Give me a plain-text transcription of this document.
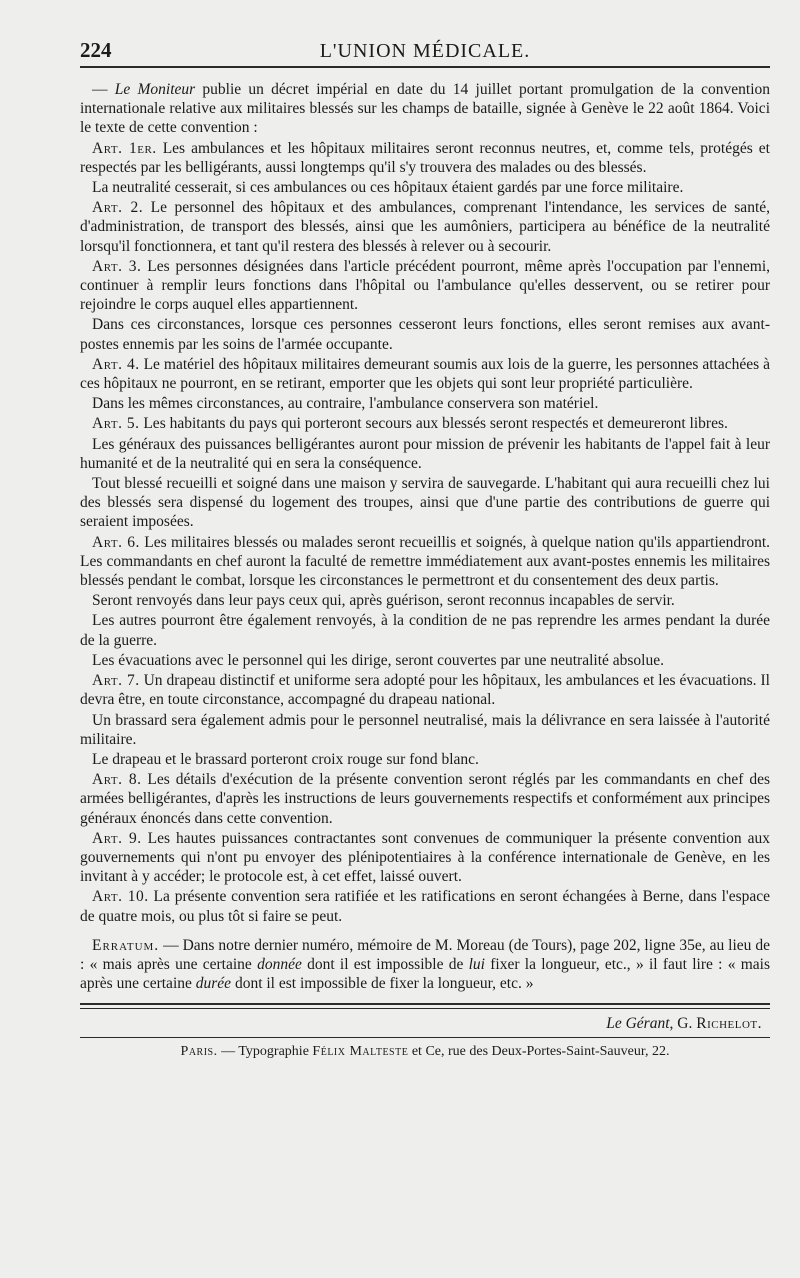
224	L'UNION MÉDICALE.

— Le Moniteur publie un décret impérial en date du 14 juillet portant promulgation de la convention internationale relative aux militaires blessés sur les champs de bataille, signée à Genève le 22 août 1864. Voici le texte de cette convention :

Art. 1er. Les ambulances et les hôpitaux militaires seront reconnus neutres, et, comme tels, protégés et respectés par les belligérants, aussi longtemps qu'il s'y trouvera des malades ou des blessés.

La neutralité cesserait, si ces ambulances ou ces hôpitaux étaient gardés par une force militaire.

Art. 2. Le personnel des hôpitaux et des ambulances, comprenant l'intendance, les services de santé, d'administration, de transport des blessés, ainsi que les aumôniers, participera au bénéfice de la neutralité lorsqu'il fonctionnera, et tant qu'il restera des blessés à relever ou à secourir.

Art. 3. Les personnes désignées dans l'article précédent pourront, même après l'occupation par l'ennemi, continuer à remplir leurs fonctions dans l'hôpital ou l'ambulance qu'elles desservent, ou se retirer pour rejoindre le corps auquel elles appartiennent.

Dans ces circonstances, lorsque ces personnes cesseront leurs fonctions, elles seront remises aux avant-postes ennemis par les soins de l'armée occupante.

Art. 4. Le matériel des hôpitaux militaires demeurant soumis aux lois de la guerre, les personnes attachées à ces hôpitaux ne pourront, en se retirant, emporter que les objets qui sont leur propriété particulière.

Dans les mêmes circonstances, au contraire, l'ambulance conservera son matériel.

Art. 5. Les habitants du pays qui porteront secours aux blessés seront respectés et demeureront libres.

Les généraux des puissances belligérantes auront pour mission de prévenir les habitants de l'appel fait à leur humanité et de la neutralité qui en sera la conséquence.

Tout blessé recueilli et soigné dans une maison y servira de sauvegarde. L'habitant qui aura recueilli chez lui des blessés sera dispensé du logement des troupes, ainsi que d'une partie des contributions de guerre qui seraient imposées.

Art. 6. Les militaires blessés ou malades seront recueillis et soignés, à quelque nation qu'ils appartiendront. Les commandants en chef auront la faculté de remettre immédiatement aux avant-postes ennemis les militaires blessés pendant le combat, lorsque les circonstances le permettront et du consentement des deux partis.

Seront renvoyés dans leur pays ceux qui, après guérison, seront reconnus incapables de servir.

Les autres pourront être également renvoyés, à la condition de ne pas reprendre les armes pendant la durée de la guerre.

Les évacuations avec le personnel qui les dirige, seront couvertes par une neutralité absolue.

Art. 7. Un drapeau distinctif et uniforme sera adopté pour les hôpitaux, les ambulances et les évacuations. Il devra être, en toute circonstance, accompagné du drapeau national.

Un brassard sera également admis pour le personnel neutralisé, mais la délivrance en sera laissée à l'autorité militaire.

Le drapeau et le brassard porteront croix rouge sur fond blanc.

Art. 8. Les détails d'exécution de la présente convention seront réglés par les commandants en chef des armées belligérantes, d'après les instructions de leurs gouvernements respectifs et conformément aux principes généraux énoncés dans cette convention.

Art. 9. Les hautes puissances contractantes sont convenues de communiquer la présente convention aux gouvernements qui n'ont pu envoyer des plénipotentiaires à la conférence internationale de Genève, en les invitant à y accéder; le protocole est, à cet effet, laissé ouvert.

Art. 10. La présente convention sera ratifiée et les ratifications en seront échangées à Berne, dans l'espace de quatre mois, ou plus tôt si faire se peut.

Erratum. — Dans notre dernier numéro, mémoire de M. Moreau (de Tours), page 202, ligne 35e, au lieu de : « mais après une certaine donnée dont il est impossible de lui fixer la longueur, etc., » il faut lire : « mais après une certaine durée dont il est impossible de fixer la longueur, etc. »

Le Gérant, G. Richelot.
Paris. — Typographie Félix Malteste et Ce, rue des Deux-Portes-Saint-Sauveur, 22.
